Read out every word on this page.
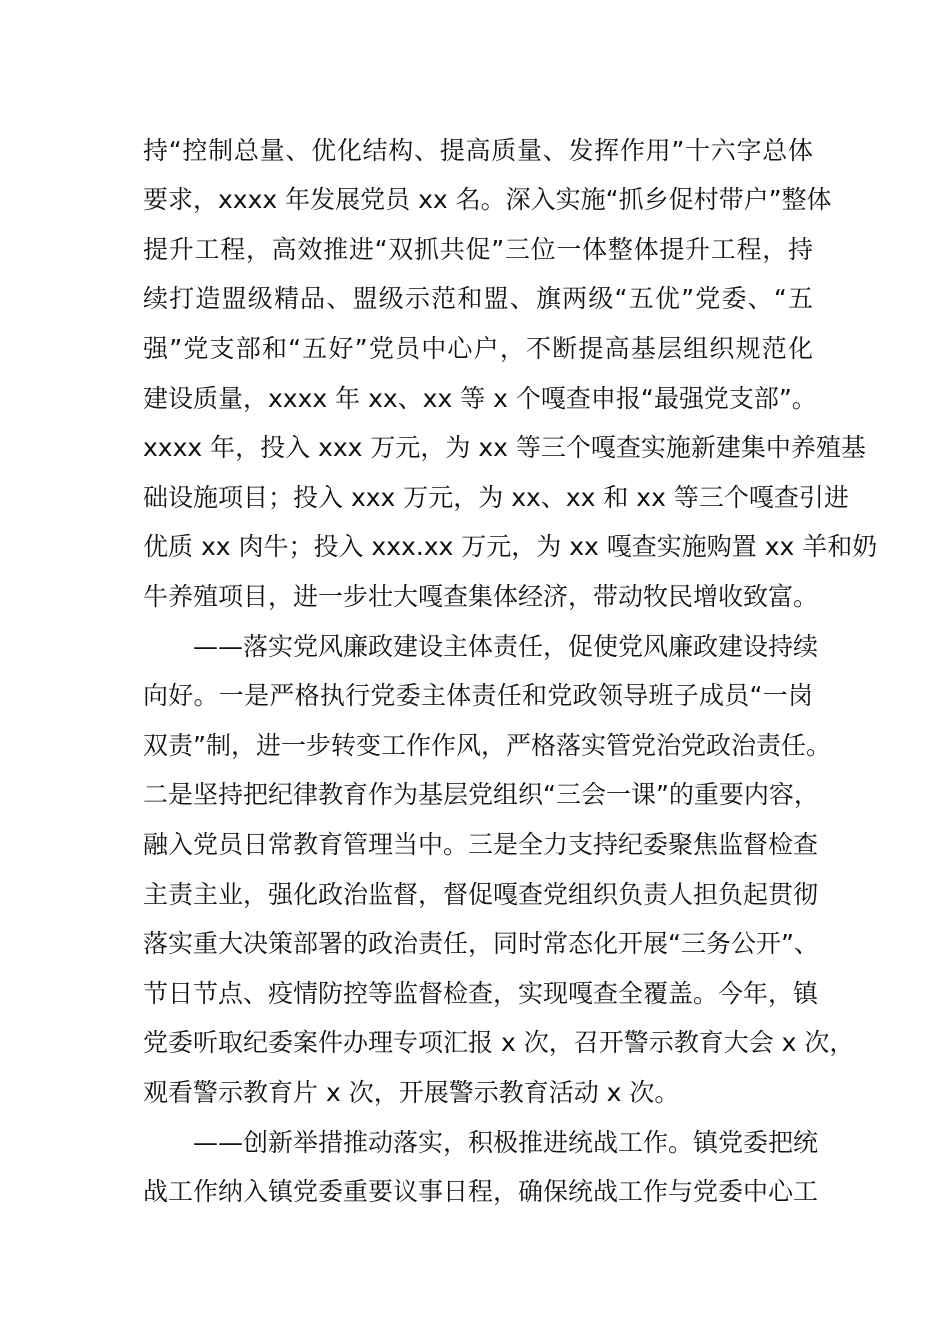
持“控制总量、优化结构、提高质量、发挥作用”十六字总体
要求，xxxx 年发展党员 xx 名。深入实施“抓乡促村带户”整体
提升工程，高效推进“双抓共促”三位一体整体提升工程，持
续打造盟级精品、盟级示范和盟、旗两级“五优”党委、“五
强”党支部和“五好”党员中心户，不断提高基层组织规范化
建设质量，xxxx 年 xx、xx 等 x 个嘎查申报“最强党支部”。
xxxx 年，投入 xxx 万元，为 xx 等三个嘎查实施新建集中养殖基
础设施项目；投入 xxx 万元，为 xx、xx 和 xx 等三个嘎查引进
优质 xx 肉牛；投入 xxx.xx 万元，为 xx 嘎查实施购置 xx 羊和奶
牛养殖项目，进一步壮大嘎查集体经济，带动牧民增收致富。
——落实党风廉政建设主体责任，促使党风廉政建设持续
向好。一是严格执行党委主体责任和党政领导班子成员“一岗
双责”制，进一步转变工作作风，严格落实管党治党政治责任。
二是坚持把纪律教育作为基层党组织“三会一课”的重要内容，
融入党员日常教育管理当中。三是全力支持纪委聚焦监督检查
主责主业，强化政治监督，督促嘎查党组织负责人担负起贯彻
落实重大决策部署的政治责任，同时常态化开展“三务公开”、
节日节点、疫情防控等监督检查，实现嘎查全覆盖。今年，镇
党委听取纪委案件办理专项汇报 x 次，召开警示教育大会 x 次，
观看警示教育片 x 次，开展警示教育活动 x 次。
——创新举措推动落实，积极推进统战工作。镇党委把统
战工作纳入镇党委重要议事日程，确保统战工作与党委中心工
